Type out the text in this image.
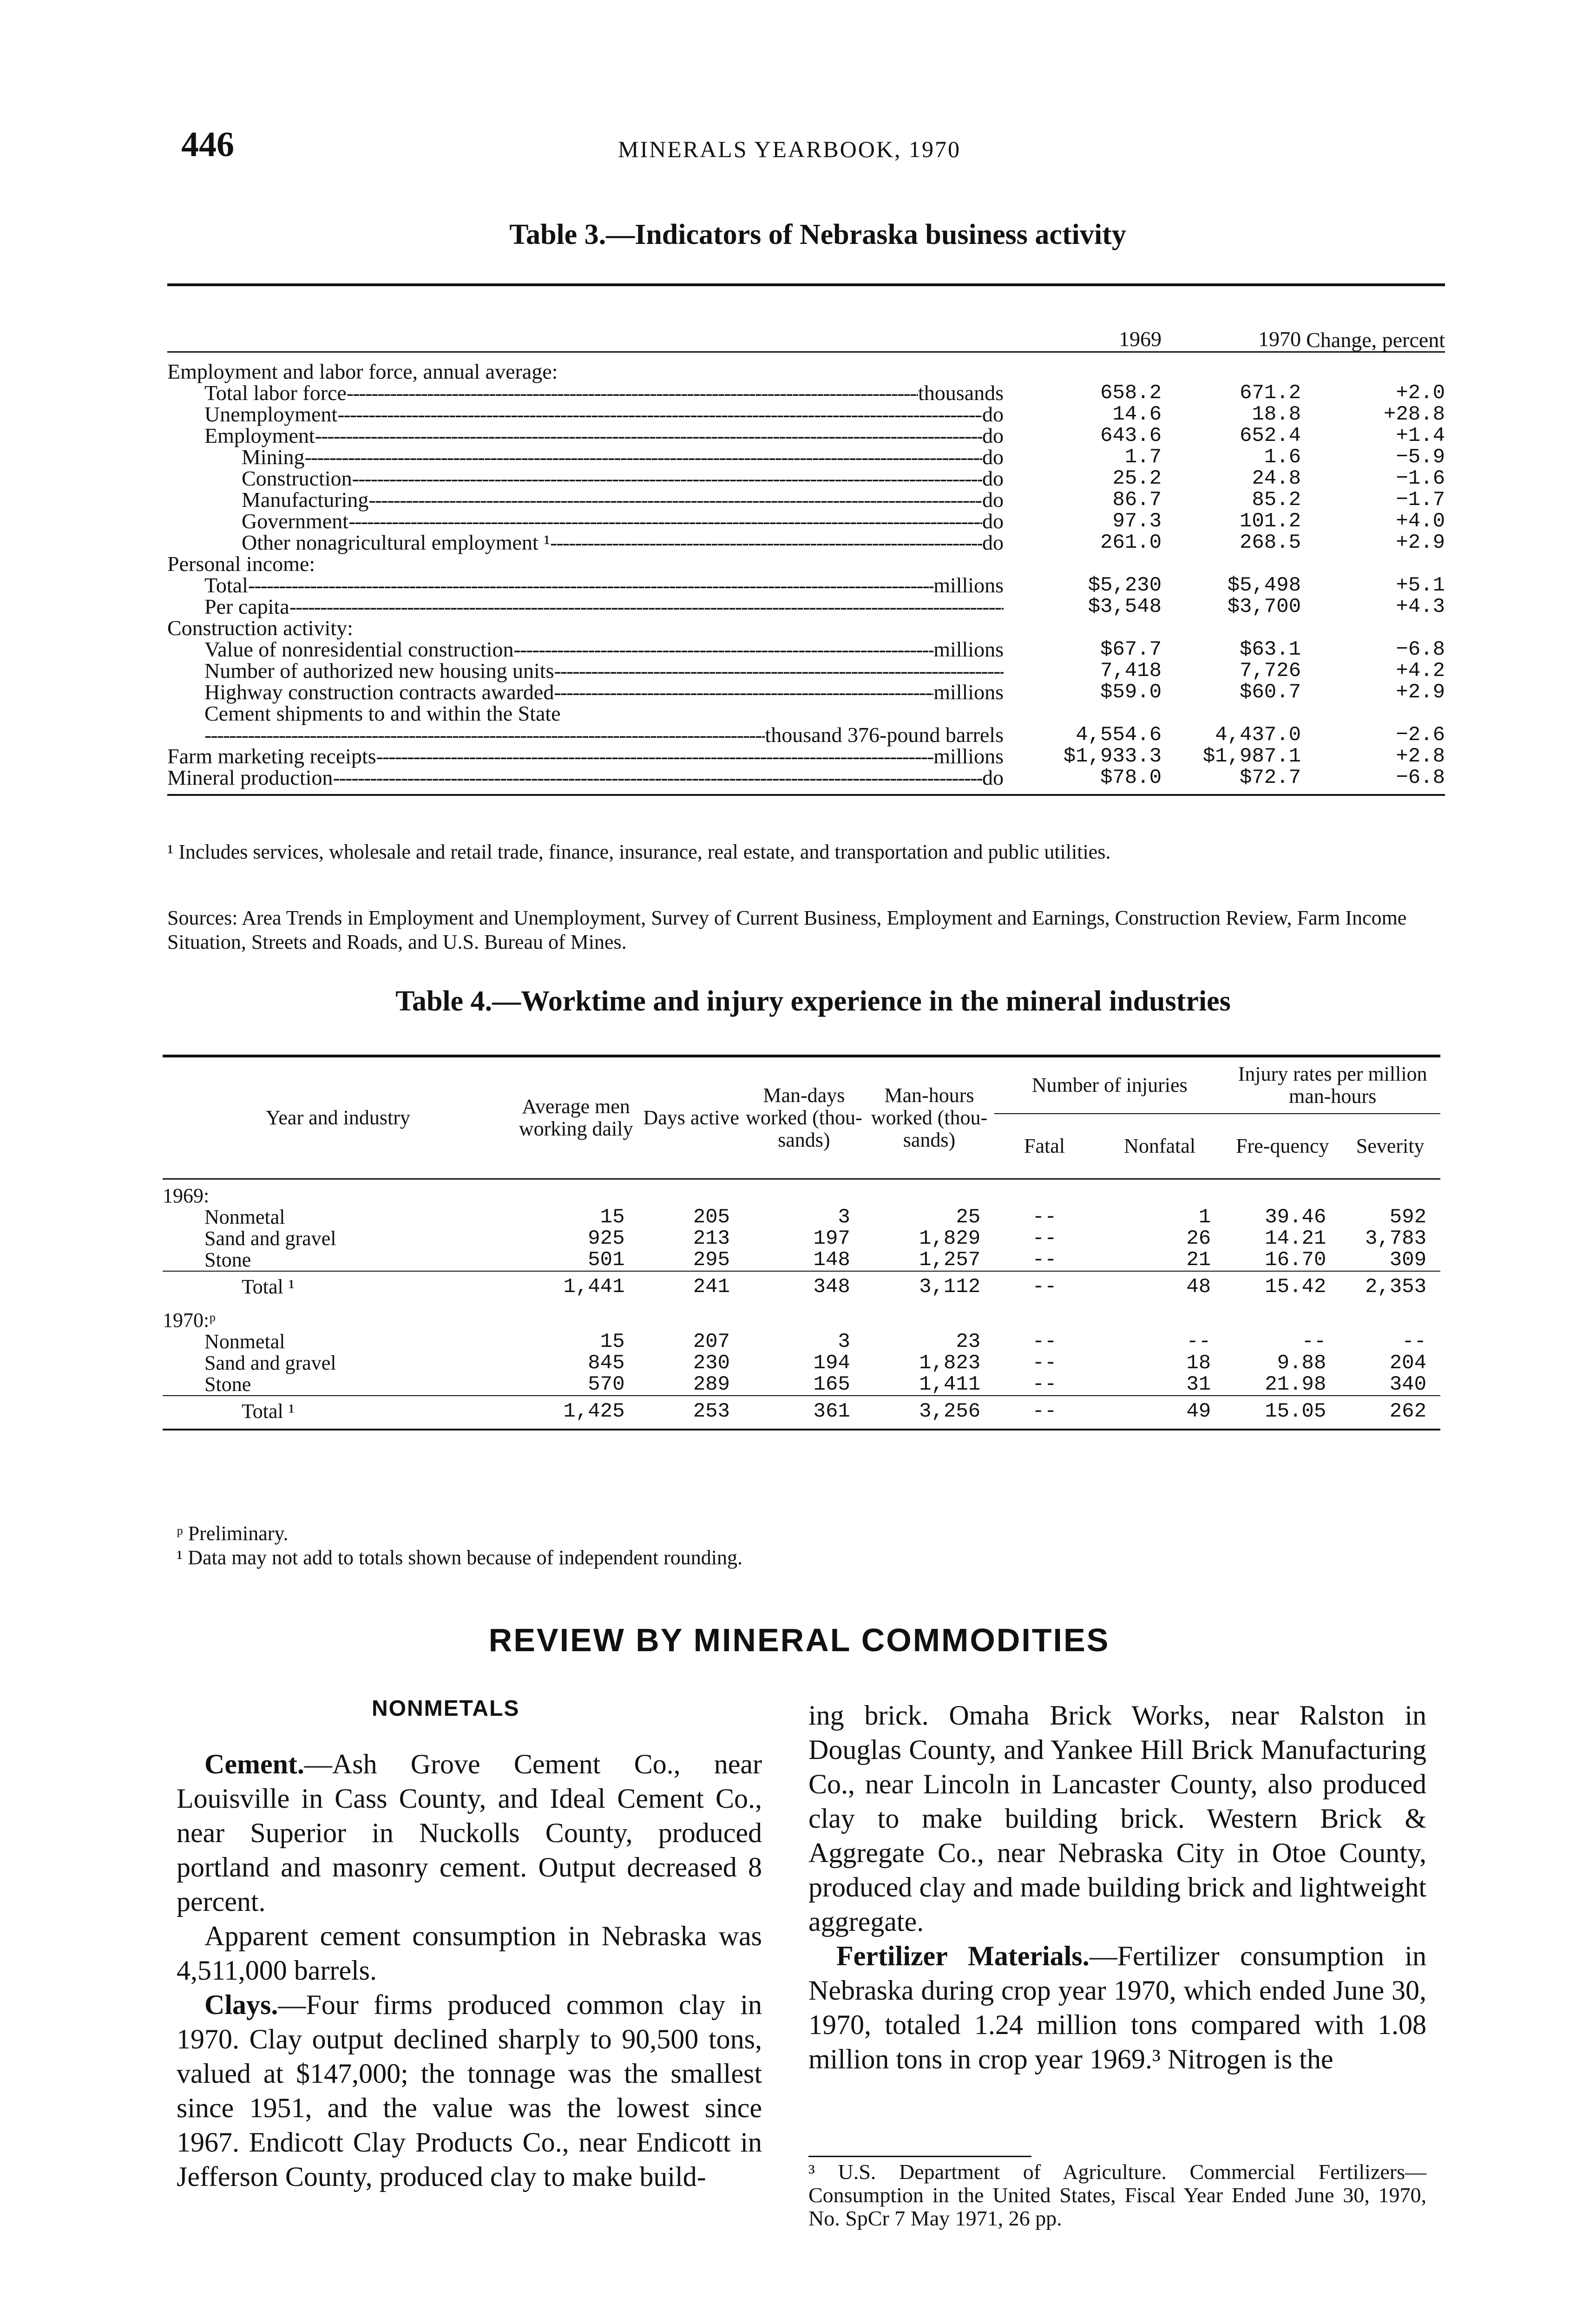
446	MINERALS YEARBOOK, 1970
Table 3.—Indicators of Nebraska business activity
	1969	1970	Change, percent
Employment and labor force, annual average:			

Total labor force ----- thousands	658.2	671.2	+2.0

Unemployment ----- do	14.6	18.8	+28.8

Employment ----- do	643.6	652.4	+1.4

Mining ----- do	1.7	1.6	−5.9

Construction ----- do	25.2	24.8	−1.6

Manufacturing ----- do	86.7	85.2	−1.7

Government ----- do	97.3	101.2	+4.0

Other nonagricultural employment ¹ ----- do	261.0	268.5	+2.9
Personal income:			

Total ----- millions	$5,230	$5,498	+5.1

Per capita
-----	$3,548	$3,700	+4.3
Construction activity:			

Value of nonresidential construction ----- millions	$67.7	$63.1	−6.8

Number of authorized new housing units
-----	7,418	7,726	+4.2

Highway construction contracts awarded ----- millions	$59.0	$60.7	+2.9
Cement shipments to and within the State			

-----
thousand 376-pound barrels	4,554.6	4,437.0	−2.6

Farm marketing receipts ----- millions	$1,933.3	$1,987.1	+2.8

Mineral production ----- do	$78.0	$72.7	−6.8
¹ Includes services, wholesale and retail trade, finance, insurance, real estate, and transportation and public utilities.
Sources: Area Trends in Employment and Unemployment, Survey of Current Business, Employment and Earnings, Construction Review, Farm Income Situation, Streets and Roads, and U.S. Bureau of Mines.
Table 4.—Worktime and injury experience in the mineral industries
Year and industry	Average men working daily	Days active	Man-days worked (thou-sands)	Man-hours worked (thou-sands)	Number of injuries		Injury rates per million man-hours	
					Fatal	Nonfatal	Fre-quency	Severity
1969:								
Nonmetal	15	205	3	25	--	1	39.46	592
Sand and gravel	925	213	197	1,829	--	26	14.21	3,783
Stone	501	295	148	1,257	--	21	16.70	309
Total ¹	1,441	241	348	3,112	--	48	15.42	2,353
1970:ᵖ								
Nonmetal	15	207	3	23	--	--	--	--
Sand and gravel	845	230	194	1,823	--	18	9.88	204
Stone	570	289	165	1,411	--	31	21.98	340
Total ¹	1,425	253	361	3,256	--	49	15.05	262
ᵖ Preliminary.
¹ Data may not add to totals shown because of independent rounding.
REVIEW BY MINERAL COMMODITIES
NONMETALS

Cement.—Ash Grove Cement Co., near Louisville in Cass County, and Ideal Cement Co., near Superior in Nuckolls County, produced portland and masonry cement. Output decreased 8 percent.

Apparent cement consumption in Nebraska was 4,511,000 barrels.

Clays.—Four firms produced common clay in 1970. Clay output declined sharply to 90,500 tons, valued at $147,000; the tonnage was the smallest since 1951, and the value was the lowest since 1967. Endicott Clay Products Co., near Endicott in Jefferson County, produced clay to make build-

ing brick. Omaha Brick Works, near Ralston in Douglas County, and Yankee Hill Brick Manufacturing Co., near Lincoln in Lancaster County, also produced clay to make building brick. Western Brick & Aggregate Co., near Nebraska City in Otoe County, produced clay and made building brick and lightweight aggregate.

Fertilizer Materials.—Fertilizer consumption in Nebraska during crop year 1970, which ended June 30, 1970, totaled 1.24 million tons compared with 1.08 million tons in crop year 1969.³ Nitrogen is the

³ U.S. Department of Agriculture. Commercial Fertilizers—Consumption in the United States, Fiscal Year Ended June 30, 1970, No. SpCr 7 May 1971, 26 pp.
